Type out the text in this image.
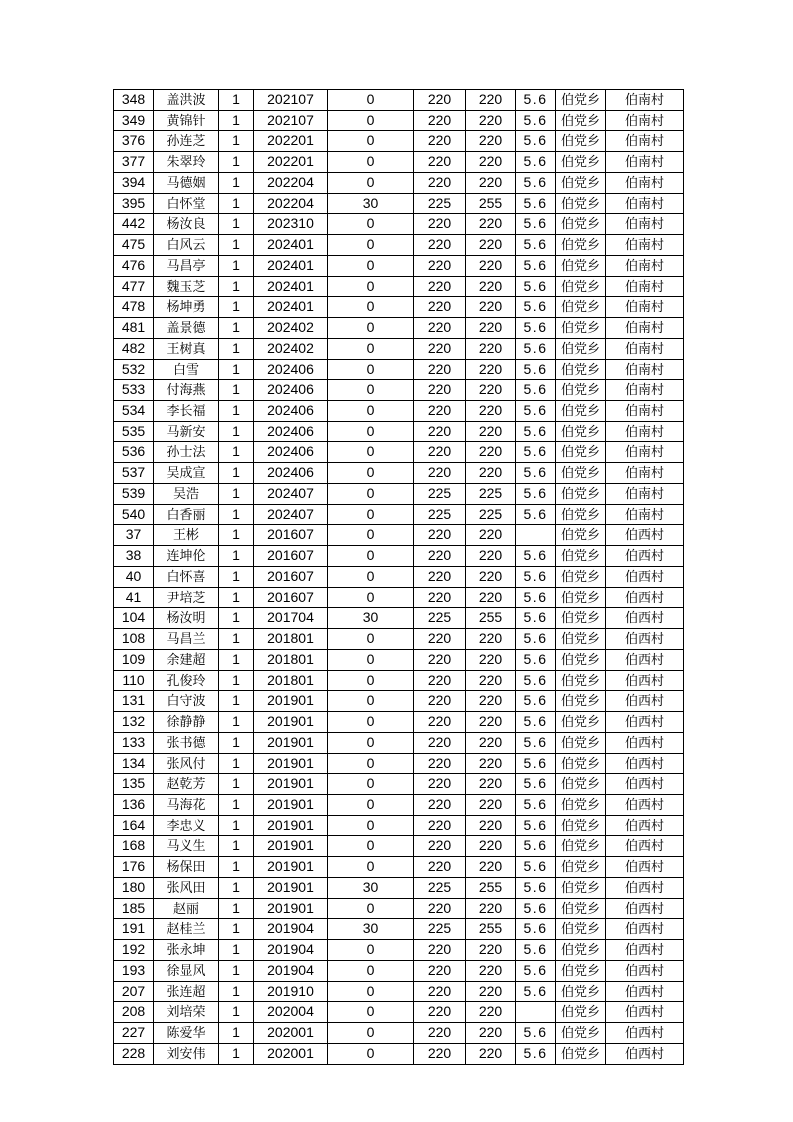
348	盖洪波	1	202107	0	220	220	5.6	伯党乡	伯南村
349	黄锦针	1	202107	0	220	220	5.6	伯党乡	伯南村
376	孙连芝	1	202201	0	220	220	5.6	伯党乡	伯南村
377	朱翠玲	1	202201	0	220	220	5.6	伯党乡	伯南村
394	马德姻	1	202204	0	220	220	5.6	伯党乡	伯南村
395	白怀堂	1	202204	30	225	255	5.6	伯党乡	伯南村
442	杨汝良	1	202310	0	220	220	5.6	伯党乡	伯南村
475	白风云	1	202401	0	220	220	5.6	伯党乡	伯南村
476	马昌亭	1	202401	0	220	220	5.6	伯党乡	伯南村
477	魏玉芝	1	202401	0	220	220	5.6	伯党乡	伯南村
478	杨坤勇	1	202401	0	220	220	5.6	伯党乡	伯南村
481	盖景德	1	202402	0	220	220	5.6	伯党乡	伯南村
482	王树真	1	202402	0	220	220	5.6	伯党乡	伯南村
532	白雪	1	202406	0	220	220	5.6	伯党乡	伯南村
533	付海燕	1	202406	0	220	220	5.6	伯党乡	伯南村
534	李长福	1	202406	0	220	220	5.6	伯党乡	伯南村
535	马新安	1	202406	0	220	220	5.6	伯党乡	伯南村
536	孙士法	1	202406	0	220	220	5.6	伯党乡	伯南村
537	吴成宣	1	202406	0	220	220	5.6	伯党乡	伯南村
539	吴浩	1	202407	0	225	225	5.6	伯党乡	伯南村
540	白香丽	1	202407	0	225	225	5.6	伯党乡	伯南村
37	王彬	1	201607	0	220	220		伯党乡	伯西村
38	连坤伦	1	201607	0	220	220	5.6	伯党乡	伯西村
40	白怀喜	1	201607	0	220	220	5.6	伯党乡	伯西村
41	尹培芝	1	201607	0	220	220	5.6	伯党乡	伯西村
104	杨汝明	1	201704	30	225	255	5.6	伯党乡	伯西村
108	马昌兰	1	201801	0	220	220	5.6	伯党乡	伯西村
109	余建超	1	201801	0	220	220	5.6	伯党乡	伯西村
110	孔俊玲	1	201801	0	220	220	5.6	伯党乡	伯西村
131	白守波	1	201901	0	220	220	5.6	伯党乡	伯西村
132	徐静静	1	201901	0	220	220	5.6	伯党乡	伯西村
133	张书德	1	201901	0	220	220	5.6	伯党乡	伯西村
134	张风付	1	201901	0	220	220	5.6	伯党乡	伯西村
135	赵乾芳	1	201901	0	220	220	5.6	伯党乡	伯西村
136	马海花	1	201901	0	220	220	5.6	伯党乡	伯西村
164	李忠义	1	201901	0	220	220	5.6	伯党乡	伯西村
168	马义生	1	201901	0	220	220	5.6	伯党乡	伯西村
176	杨保田	1	201901	0	220	220	5.6	伯党乡	伯西村
180	张风田	1	201901	30	225	255	5.6	伯党乡	伯西村
185	赵丽	1	201901	0	220	220	5.6	伯党乡	伯西村
191	赵桂兰	1	201904	30	225	255	5.6	伯党乡	伯西村
192	张永坤	1	201904	0	220	220	5.6	伯党乡	伯西村
193	徐显风	1	201904	0	220	220	5.6	伯党乡	伯西村
207	张连超	1	201910	0	220	220	5.6	伯党乡	伯西村
208	刘培荣	1	202004	0	220	220		伯党乡	伯西村
227	陈爱华	1	202001	0	220	220	5.6	伯党乡	伯西村
228	刘安伟	1	202001	0	220	220	5.6	伯党乡	伯西村
